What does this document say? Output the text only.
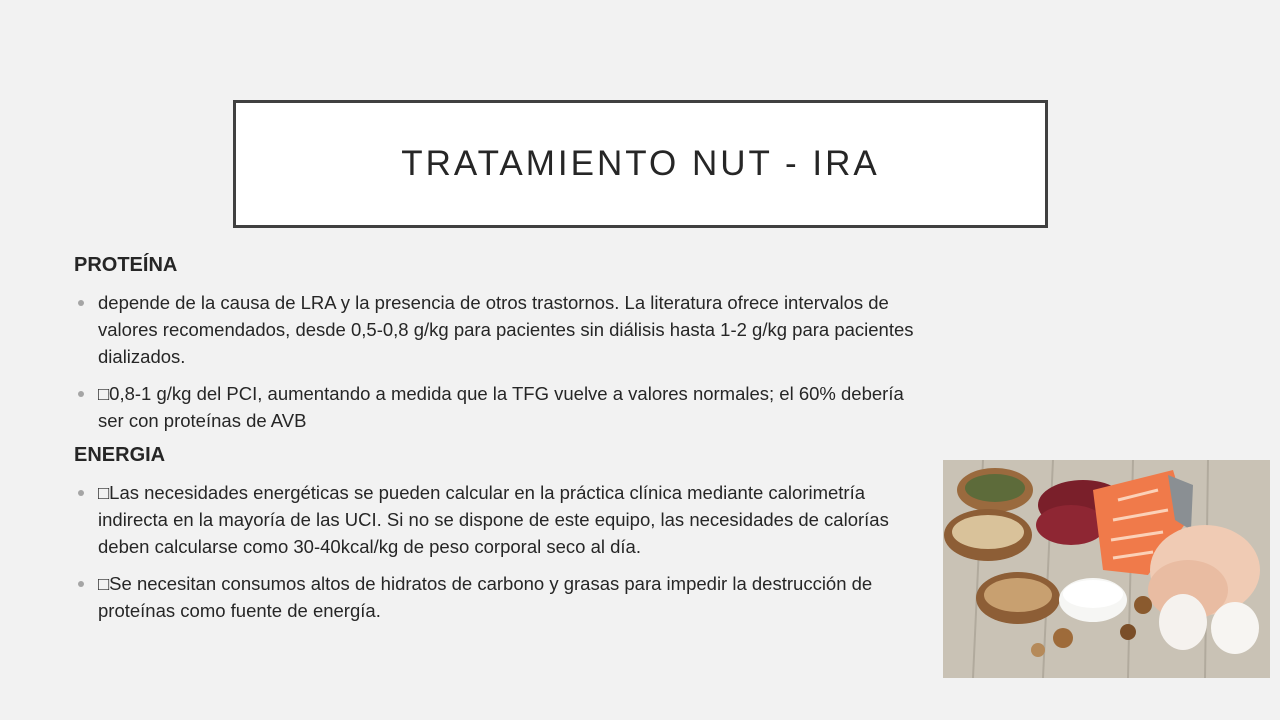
TRATAMIENTO NUT - IRA
PROTEÍNA
depende de la causa de LRA y la presencia de otros trastornos. La literatura ofrece intervalos de valores recomendados, desde 0,5-0,8 g/kg para pacientes sin diálisis hasta 1-2 g/kg para pacientes dializados.
□0,8-1 g/kg del PCI, aumentando a medida que la TFG vuelve a valores normales; el 60% debería ser con proteínas de AVB
ENERGIA
□Las necesidades energéticas se pueden calcular en la práctica clínica mediante calorimetría indirecta en la mayoría de las UCI. Si no se dispone de este equipo, las necesidades de calorías deben calcularse como 30-40kcal/kg de peso corporal seco al día.
□Se necesitan consumos altos de hidratos de carbono y grasas para impedir la destrucción de proteínas como fuente de energía.
